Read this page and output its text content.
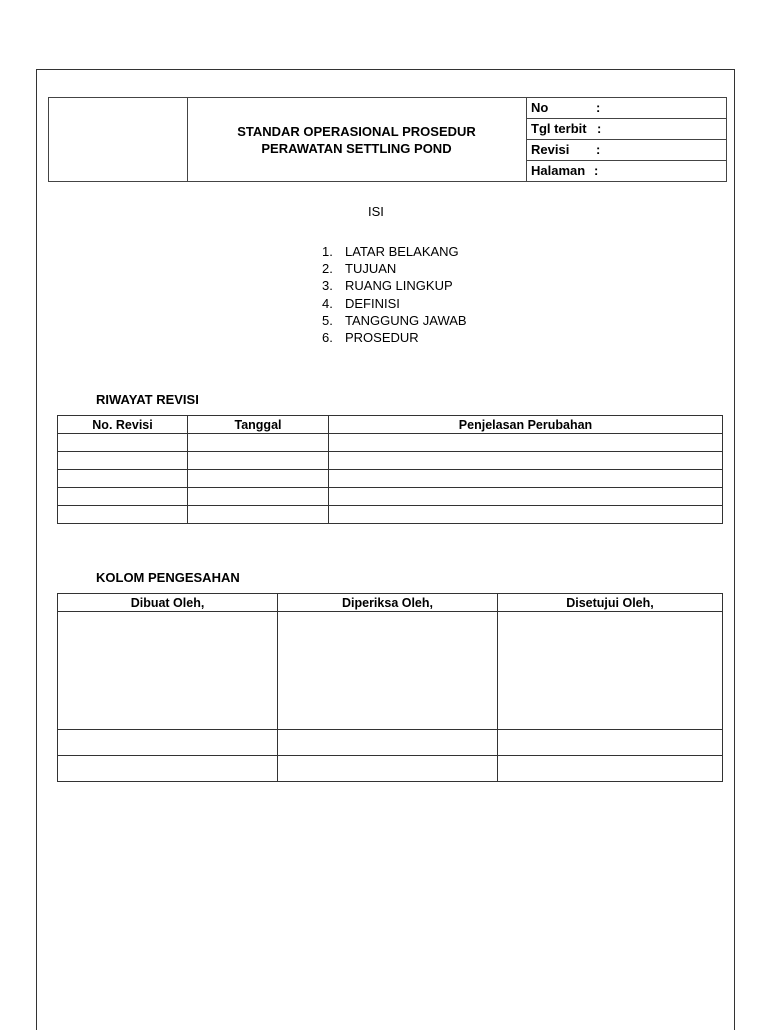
STANDAR OPERASIONAL PROSEDUR
PERAWATAN SETTLING POND
No	:
Tgl terbit :
Revisi :
Halaman :
ISI
1. LATAR BELAKANG
2. TUJUAN
3. RUANG LINGKUP
4. DEFINISI
5. TANGGUNG JAWAB
6. PROSEDUR
RIWAYAT REVISI
No. Revisi	Tanggal	Penjelasan Perubahan

KOLOM PENGESAHAN
Dibuat Oleh,	Diperiksa Oleh,	Disetujui Oleh,
